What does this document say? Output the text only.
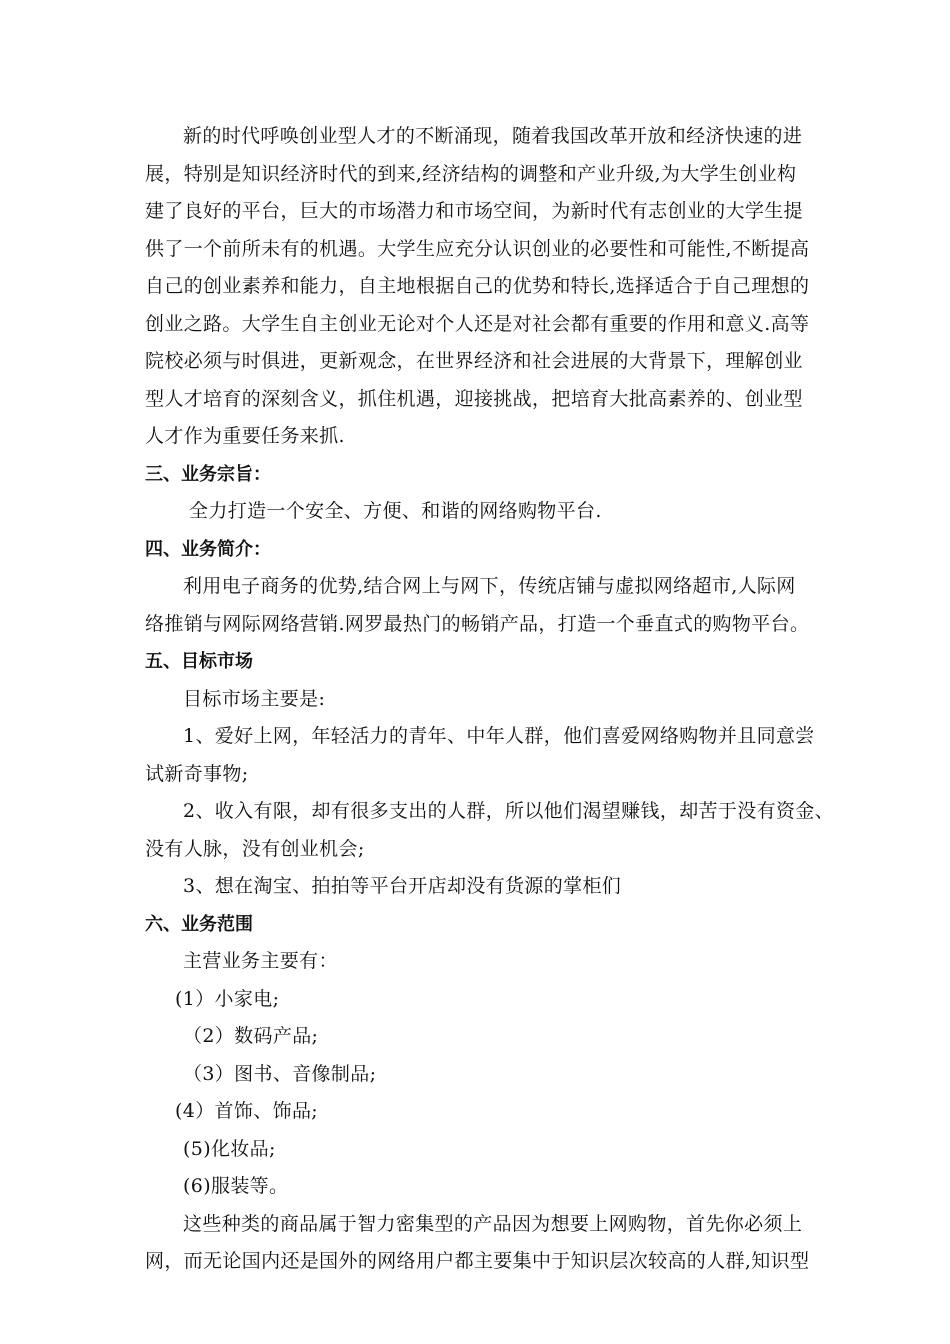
新的时代呼唤创业型人才的不断涌现，随着我国改革开放和经济快速的进
展，特别是知识经济时代的到来,经济结构的调整和产业升级,为大学生创业构
建了良好的平台，巨大的市场潜力和市场空间，为新时代有志创业的大学生提
供了一个前所未有的机遇。大学生应充分认识创业的必要性和可能性,不断提高
自己的创业素养和能力，自主地根据自己的优势和特长,选择适合于自己理想的
创业之路。大学生自主创业无论对个人还是对社会都有重要的作用和意义.高等
院校必须与时俱进，更新观念，在世界经济和社会进展的大背景下，理解创业
型人才培育的深刻含义，抓住机遇，迎接挑战，把培育大批高素养的、创业型
人才作为重要任务来抓.
三、业务宗旨：
全力打造一个安全、方便、和谐的网络购物平台.
四、业务简介：
利用电子商务的优势,结合网上与网下，传统店铺与虚拟网络超市,人际网
络推销与网际网络营销.网罗最热门的畅销产品，打造一个垂直式的购物平台。
五、目标市场
目标市场主要是:
1、爱好上网，年轻活力的青年、中年人群，他们喜爱网络购物并且同意尝
试新奇事物;
2、收入有限，却有很多支出的人群，所以他们渴望赚钱，却苦于没有资金、
没有人脉，没有创业机会;
3、想在淘宝、拍拍等平台开店却没有货源的掌柜们
六、业务范围
主营业务主要有：
(1）小家电;
（2）数码产品;
（3）图书、音像制品;
(4）首饰、饰品;
(5)化妆品;
(6)服装等。
这些种类的商品属于智力密集型的产品因为想要上网购物，首先你必须上
网，而无论国内还是国外的网络用户都主要集中于知识层次较高的人群,知识型
